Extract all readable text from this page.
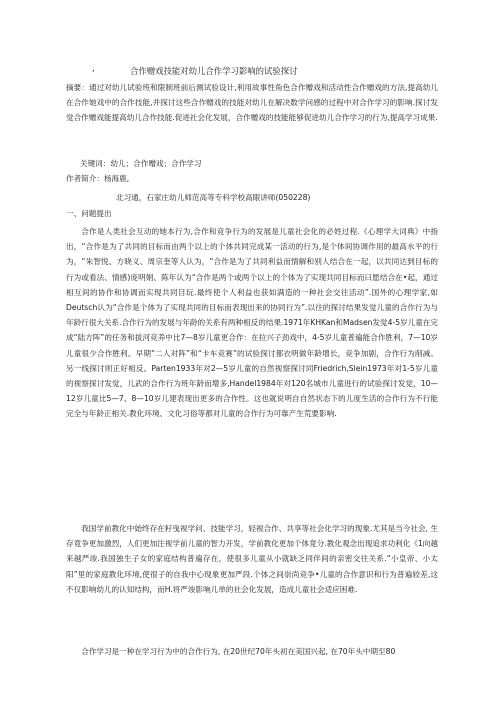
,	合作赠戏技能对幼儿合作学习影响的试验探讨

摘要：通过对幼儿试验班和限制班前后测试验设计,利用故事性角色合作赠戏和活动性合作赠戏的方法,提高幼儿在合作她戏中的合作技能,并探讨这些合作赠戏的技能对幼儿在解决数学问感的过程中对合作学习的影响.探讨发觉合作赠戏能提高幼儿合作技能.促进社会化发展，合作赠戏的技能能够促进幼儿合作学习的行为,提高学习成果.

关键词：幼儿；合作赠戏；合作学习
作者简介：杨海鹿,
北习通，石家庄幼儿师范高等专科学校高眼讲师(050228)
一、问题提出

合作是人类社会互动的她本行为,合作和竞争行为的发展是儿童社会化的必姓过程.《心理学大词典》中指出，“合作是为了共同的目标而由两个以上的个体共同完成某一活动的行为,是个体间协调作用的最高水平的行为，“朱智悦、方晓义、周宗奎等人认为，“合作是为了共同利益而情解和别人结合在一起，以共同达到目标的行为或看法、情感)庞明娟、陈年认为“合作是两个或两个以上的个体为了实现共同目标而曰愿结合在•起，通过相互间的协作和协调而实现共同目玩.最终使个人利益也获如满造的一种社会交往活动”.国外的心理学家,如Deutsch认为“合作是个体为了实现共同的目标而表现出来的协同行为”.以往的探讨结果发觉儿童的合作行为与年龄行很大关系.合作行为的发展与年龄的关系有两种相反的结果.1971年KHKan和Madsen发觉4-5岁儿童在完成“陆方阵”的任务和拔河竞养中比7—8岁儿童更合作：在拉兴子劲戏中，4-5岁儿童普遍能合作胜利，7—10岁儿童很少合作胜利。早期“二人对阵”和“卡车竞赛”的试验探讨都衣明做年龄增长，竞争加剧，合作行为削减。另一线探讨则正好相反。Parten1933年对2—5岁儿童的自然视察探讨同Friedrich,Slein1973年对1-5岁儿童的视察探讨发觉，儿武的合作行为班年龄而增多,Handel1984年对120名城市儿童进行的试验探讨发觉，10—12岁儿童比5—7、8—10岁儿建表现出更多的合作性。这也就说明自自然状态下的儿度生活的合作行为不行能完全与年龄正相关.教化环境、文化习俗等都对儿童的合作行为可靠产生荒要影响.

我国学前教化中始终存在籽曳视学问、技能学习，轻视合作、共享等社会化学习的现象.尤其是当今社会, 生存竟争更加激烈，人们更加注视学前儿童的智力开发，学前教化更加个体竟分.教化观念出现追求功利化《1向越来越严竣.我国独生子女的家庭结构普遍存在，使很多儿童从小就缺乏同伴间的亲密交往关系.“小皇帝、小太阳”里的家庭教化环境,使很子的自我中心现象更加严段.个体之间崇尚竞争•儿童的合作意识和行为普遍较差,这不仅影响幼儿的认知结构，而H.将严竣影响儿单的社会化发展，造成儿童社会适应困难.

合作学习是一种在学习行为中的合作行为, 在20世纪70年头初在美国兴起, 在70年头中期至80
